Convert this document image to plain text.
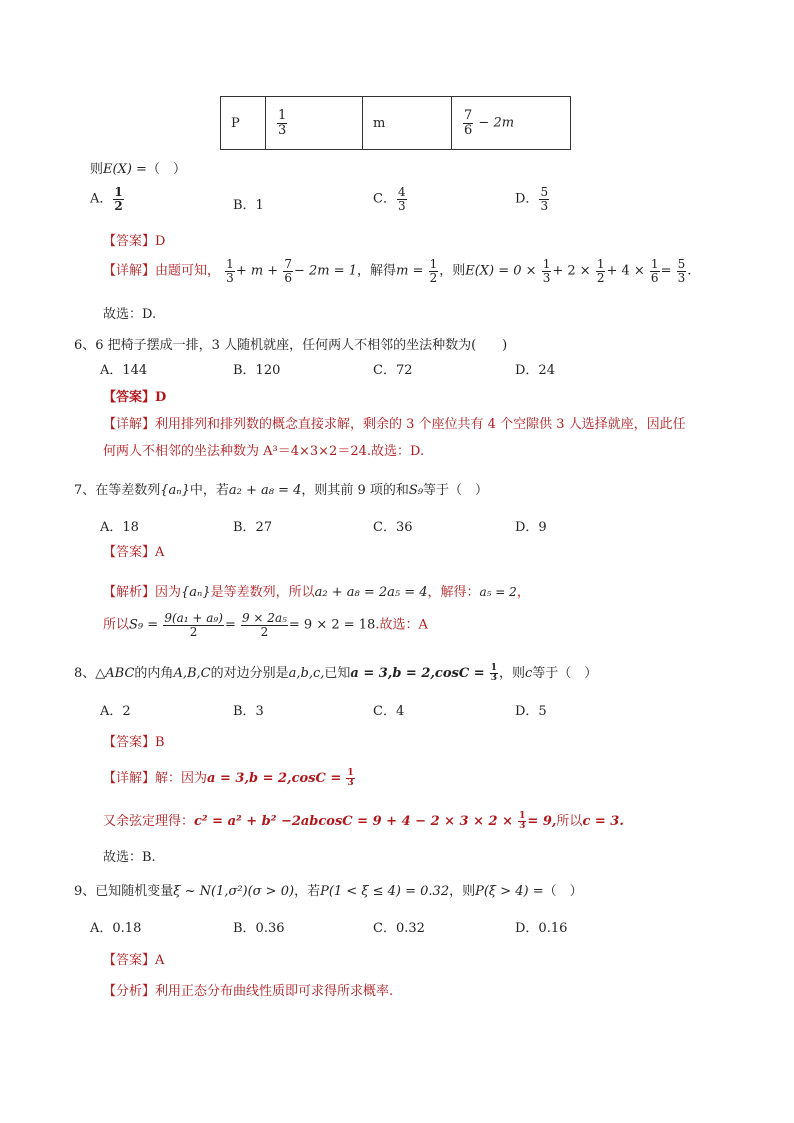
P	$\frac{1}{3}$	m	$\frac{7}{6} - 2m$
则E(X) =（　）
A． $\frac{1}{2}$	B．1	C． $\frac{4}{3}$	D． $\frac{5}{3}$
【答案】D
【详解】由题可知， $\frac{1}{3} + m + \frac{7}{6} - 2m = 1$，解得$m = \frac{1}{2}$ ，则$E(X) = 0 \times \frac{1}{3} + 2 \times \frac{1}{2} + 4 \times \frac{1}{6} = \frac{5}{3}$ .
故选：D.
6、6 把椅子摆成一排，3 人随机就座，任何两人不相邻的坐法种数为(　　)
A．144	B．120	C．72	D．24
【答案】D
【详解】利用排列和排列数的概念直接求解，剩余的 3 个座位共有 4 个空隙供 3 人选择就座，因此任
何两人不相邻的坐法种数为 A³＝4×3×2＝24.故选：D.
7、在等差数列{aₙ}中，若a₂ + a₈ = 4，则其前 9 项的和S₉等于（　）
A．18	B．27	C．36	D．9
【答案】A
【解析】因为{aₙ}是等差数列，所以a₂ + a₈ = 2a₅ = 4，解得：a₅ = 2，
所以$S_9 = \frac{\text{9(a₁ + a₉)}}{2} = \frac{\text{9 × 2a₅}}{2} = 9 \times 2 = 18$.故选：A
8、△ABC的内角A,B,C的对边分别是a,b,c,已知$a = 3,b = 2,\cos C = \frac{1}{3}$ ，则c等于（　）
A．2	B．3	C．4	D．5
【答案】B
【详解】解：因为$a = 3,b = 2,\cos C = \frac{1}{3}$
又余弦定理得：$c^2 = a^2 + b^2 -2abcosC = 9 + 4 - 2 \times 3 \times 2 \times \frac{1}{3} = 9$,所以c = 3.
故选：B.
9、已知随机变量ξ ~ N(1,σ²)(σ > 0)，若P(1 < ξ ≤ 4) = 0.32，则P(ξ > 4) =（　）
A．0.18	B．0.36	C．0.32	D．0.16
【答案】A
【分析】利用正态分布曲线性质即可求得所求概率.
